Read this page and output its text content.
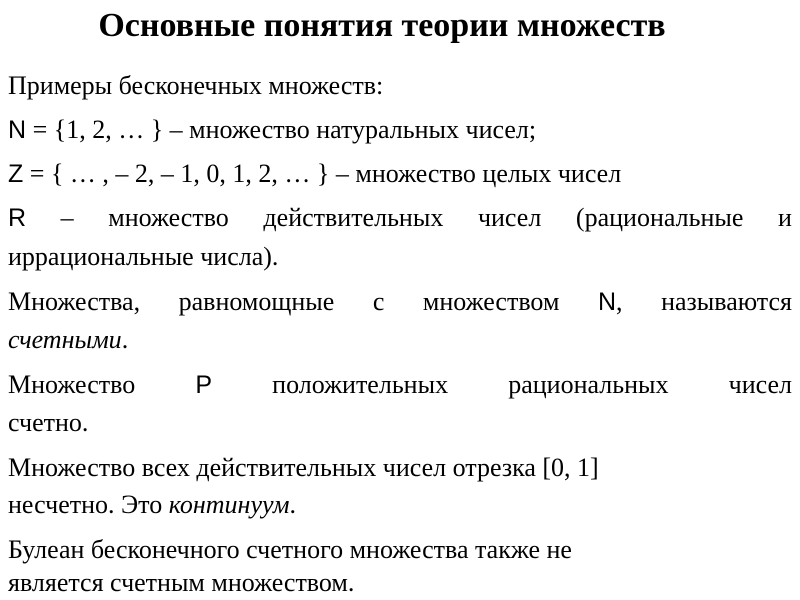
Основные понятия теории множеств
Примеры бесконечных множеств:
N = {1, 2, … } – множество натуральных чисел;
Z = { … , – 2, – 1, 0, 1, 2, … } – множество целых чисел
R – множество действительных чисел (рациональные и
иррациональные числа).
Множества, равномощные с множеством N, называются
счетными.
Множество P положительных рациональных чисел
счетно.
Множество всех действительных чисел отрезка [0, 1]
несчетно. Это континуум.
Булеан бесконечного счетного множества также не
является счетным множеством.
